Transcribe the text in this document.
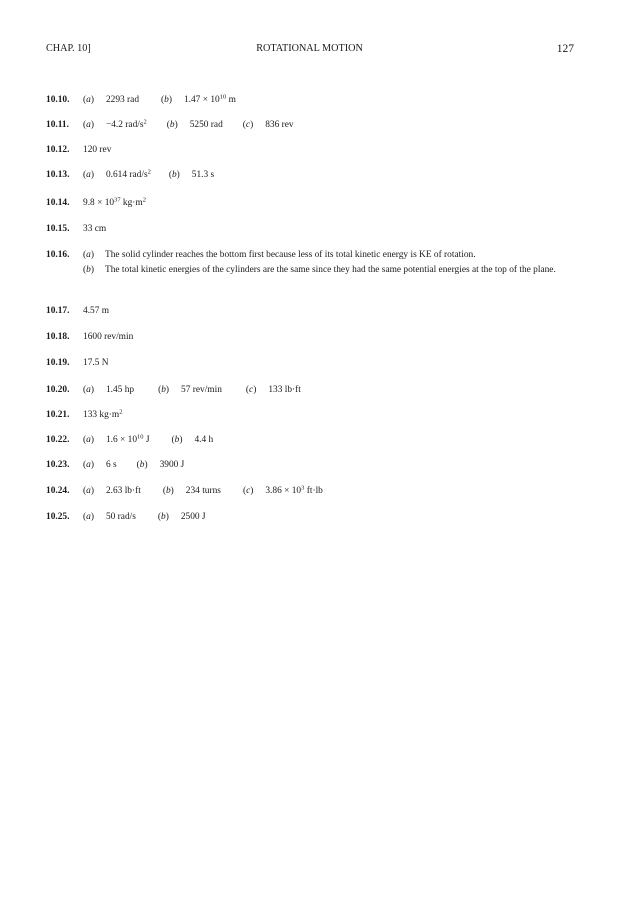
CHAP. 10]	ROTATIONAL MOTION	127
10.10.	( a ) 2293 rad	( b ) $1.47 \times 10^{10}$ m
10.11.	( a ) −4.2 rad/$s^2$ ( b ) 5250 rad ( c ) 836 rev
10.12. 120 rev
10.13.	( a ) 0.614 rad/$s^2$ ( b ) 51.3 s
10.14. $9.8 \times 10^{37}$ $kg\cdot m^2$
10.15. 33 cm
10.16.	( a )	The solid cylinder reaches the bottom first because less of its total kinetic energy is KE of rotation.
( b )	The total kinetic energies of the cylinders are the same since they had the same potential energies at the top of the plane.
10.17. 4.57 m
10.18. 1600 rev/min
10.19. 17.5 N
10.20.	( a ) 1.45 hp	( b ) 57 rev/min	( c ) 133 lb·ft
10.21. 133 $kg\cdot m^2$
10.22.	( a ) $1.6 \times 10^{10}$ J	( b ) 4.4 h
10.23.	( a ) 6 s ( b ) 3900 J
10.24.	( a ) 2.63 lb·ft	( b ) 234 turns	( c ) $3.86 \times 10^3$ ft·lb
10.25.	( a ) 50 rad/s	( b ) 2500 J
